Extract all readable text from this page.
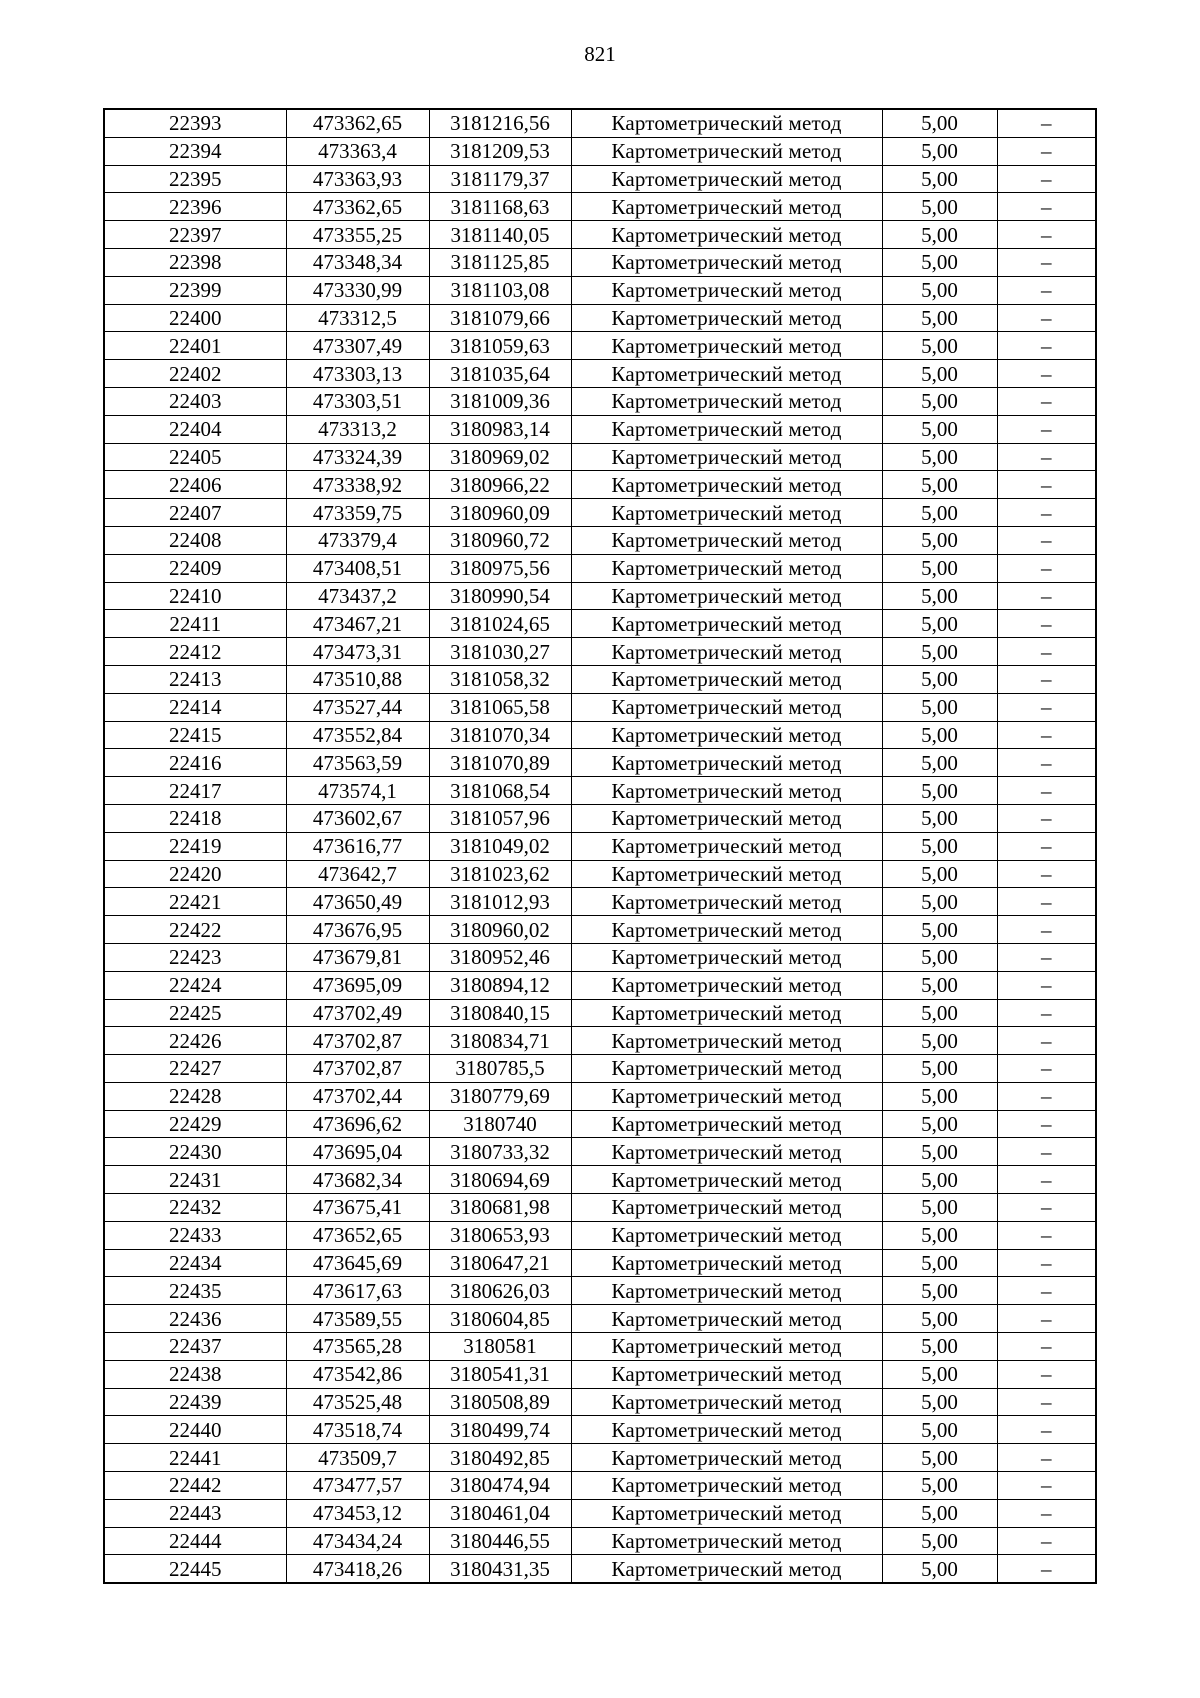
821
22393	473362,65	3181216,56	Картометрический метод	5,00	–
22394	473363,4	3181209,53	Картометрический метод	5,00	–
22395	473363,93	3181179,37	Картометрический метод	5,00	–
22396	473362,65	3181168,63	Картометрический метод	5,00	–
22397	473355,25	3181140,05	Картометрический метод	5,00	–
22398	473348,34	3181125,85	Картометрический метод	5,00	–
22399	473330,99	3181103,08	Картометрический метод	5,00	–
22400	473312,5	3181079,66	Картометрический метод	5,00	–
22401	473307,49	3181059,63	Картометрический метод	5,00	–
22402	473303,13	3181035,64	Картометрический метод	5,00	–
22403	473303,51	3181009,36	Картометрический метод	5,00	–
22404	473313,2	3180983,14	Картометрический метод	5,00	–
22405	473324,39	3180969,02	Картометрический метод	5,00	–
22406	473338,92	3180966,22	Картометрический метод	5,00	–
22407	473359,75	3180960,09	Картометрический метод	5,00	–
22408	473379,4	3180960,72	Картометрический метод	5,00	–
22409	473408,51	3180975,56	Картометрический метод	5,00	–
22410	473437,2	3180990,54	Картометрический метод	5,00	–
22411	473467,21	3181024,65	Картометрический метод	5,00	–
22412	473473,31	3181030,27	Картометрический метод	5,00	–
22413	473510,88	3181058,32	Картометрический метод	5,00	–
22414	473527,44	3181065,58	Картометрический метод	5,00	–
22415	473552,84	3181070,34	Картометрический метод	5,00	–
22416	473563,59	3181070,89	Картометрический метод	5,00	–
22417	473574,1	3181068,54	Картометрический метод	5,00	–
22418	473602,67	3181057,96	Картометрический метод	5,00	–
22419	473616,77	3181049,02	Картометрический метод	5,00	–
22420	473642,7	3181023,62	Картометрический метод	5,00	–
22421	473650,49	3181012,93	Картометрический метод	5,00	–
22422	473676,95	3180960,02	Картометрический метод	5,00	–
22423	473679,81	3180952,46	Картометрический метод	5,00	–
22424	473695,09	3180894,12	Картометрический метод	5,00	–
22425	473702,49	3180840,15	Картометрический метод	5,00	–
22426	473702,87	3180834,71	Картометрический метод	5,00	–
22427	473702,87	3180785,5	Картометрический метод	5,00	–
22428	473702,44	3180779,69	Картометрический метод	5,00	–
22429	473696,62	3180740	Картометрический метод	5,00	–
22430	473695,04	3180733,32	Картометрический метод	5,00	–
22431	473682,34	3180694,69	Картометрический метод	5,00	–
22432	473675,41	3180681,98	Картометрический метод	5,00	–
22433	473652,65	3180653,93	Картометрический метод	5,00	–
22434	473645,69	3180647,21	Картометрический метод	5,00	–
22435	473617,63	3180626,03	Картометрический метод	5,00	–
22436	473589,55	3180604,85	Картометрический метод	5,00	–
22437	473565,28	3180581	Картометрический метод	5,00	–
22438	473542,86	3180541,31	Картометрический метод	5,00	–
22439	473525,48	3180508,89	Картометрический метод	5,00	–
22440	473518,74	3180499,74	Картометрический метод	5,00	–
22441	473509,7	3180492,85	Картометрический метод	5,00	–
22442	473477,57	3180474,94	Картометрический метод	5,00	–
22443	473453,12	3180461,04	Картометрический метод	5,00	–
22444	473434,24	3180446,55	Картометрический метод	5,00	–
22445	473418,26	3180431,35	Картометрический метод	5,00	–
